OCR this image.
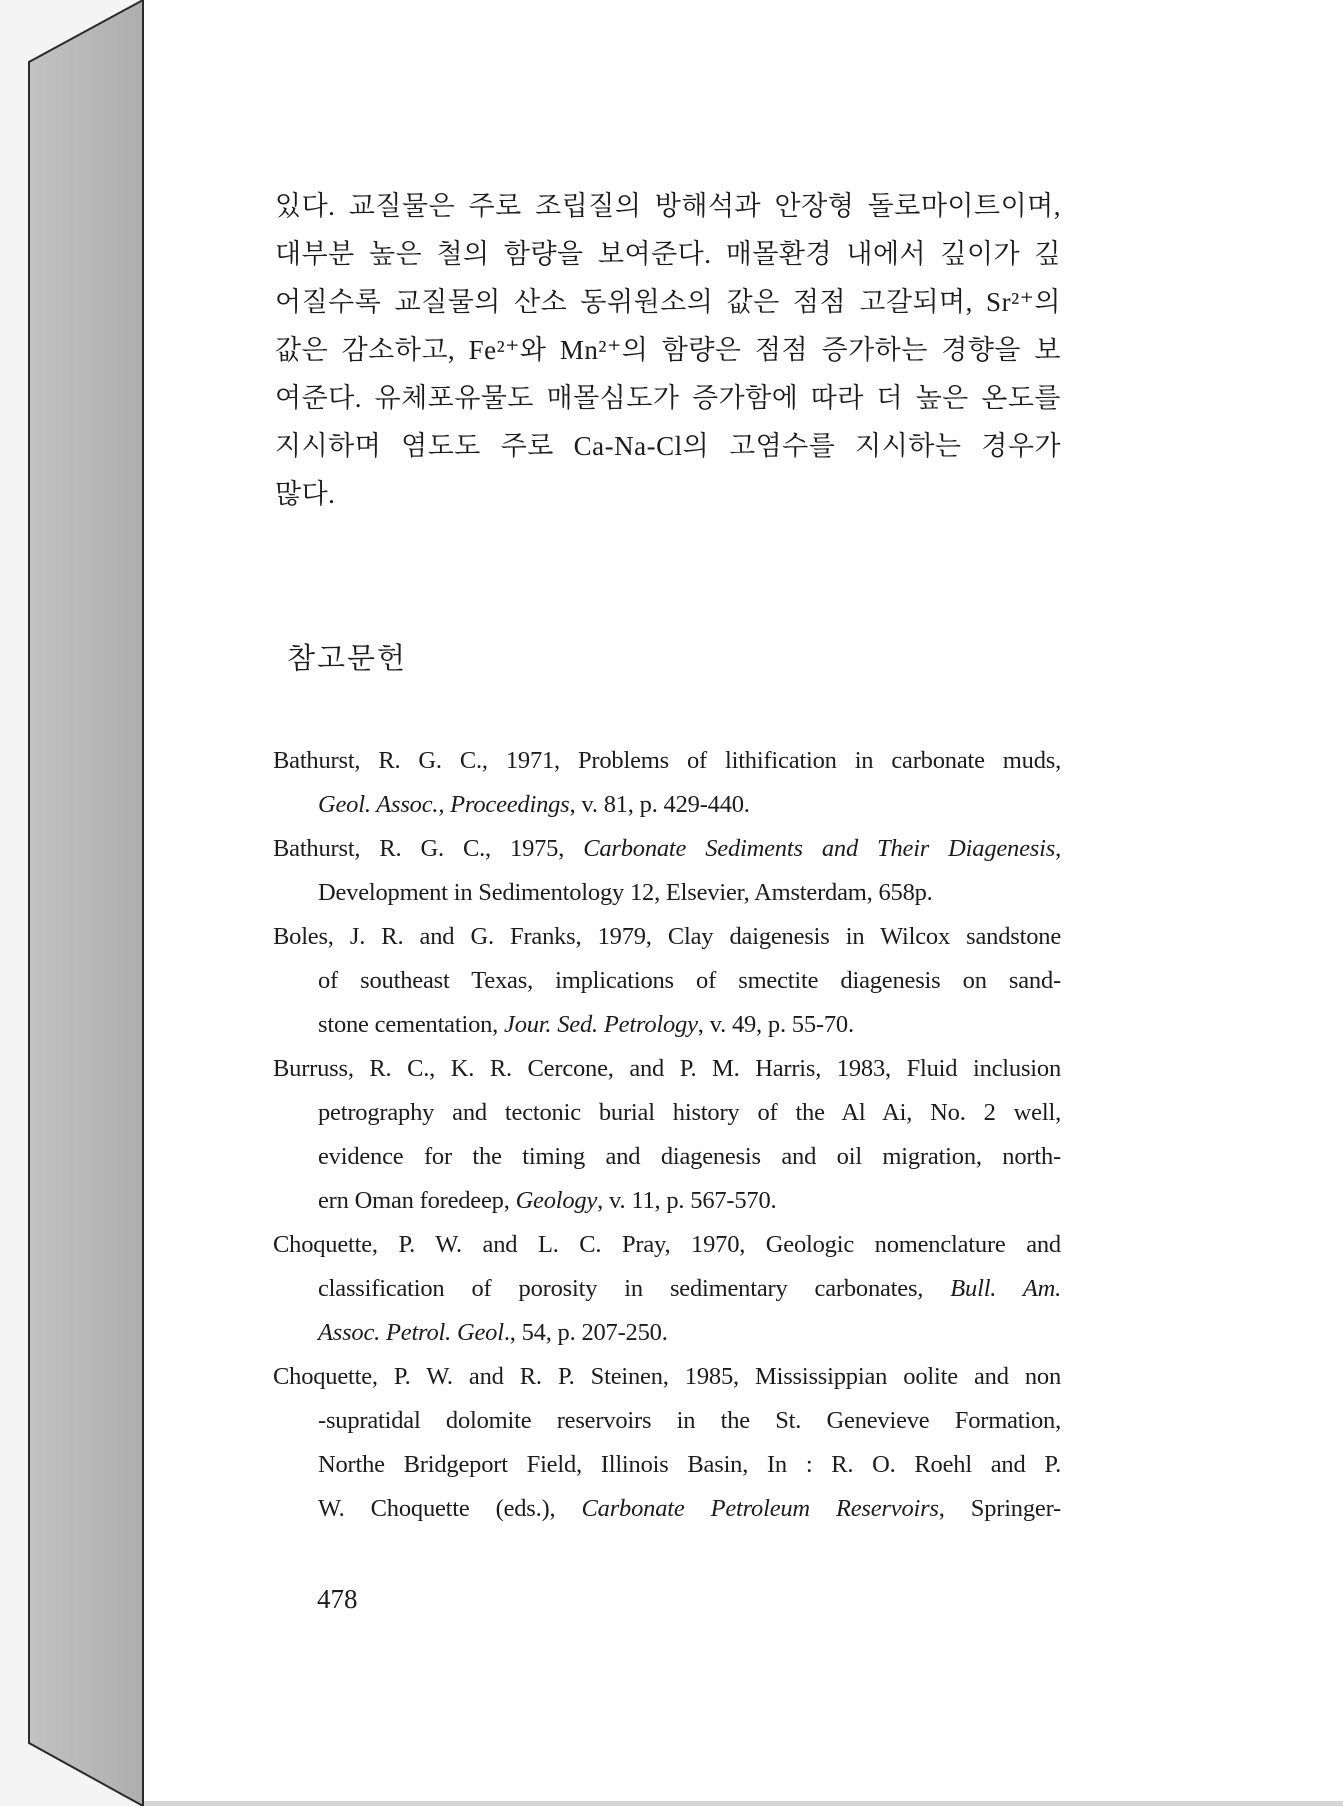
있다. 교질물은 주로 조립질의 방해석과 안장형 돌로마이트이며,
대부분 높은 철의 함량을 보여준다. 매몰환경 내에서 깊이가 깊
어질수록 교질물의 산소 동위원소의 값은 점점 고갈되며, Sr²⁺의
값은 감소하고, Fe²⁺와 Mn²⁺의 함량은 점점 증가하는 경향을 보
여준다. 유체포유물도 매몰심도가 증가함에 따라 더 높은 온도를
지시하며 염도도 주로 Ca-Na-Cl의 고염수를 지시하는 경우가
많다.
참고문헌
Bathurst, R. G. C., 1971, Problems of lithification in carbonate muds,
Geol. Assoc., Proceedings, v. 81, p. 429-440.
Bathurst, R. G. C., 1975, Carbonate Sediments and Their Diagenesis,
Development in Sedimentology 12, Elsevier, Amsterdam, 658p.
Boles, J. R. and G. Franks, 1979, Clay daigenesis in Wilcox sandstone
of southeast Texas, implications of smectite diagenesis on sand-
stone cementation, Jour. Sed. Petrology, v. 49, p. 55-70.
Burruss, R. C., K. R. Cercone, and P. M. Harris, 1983, Fluid inclusion
petrography and tectonic burial history of the Al Ai, No. 2 well,
evidence for the timing and diagenesis and oil migration, north-
ern Oman foredeep, Geology, v. 11, p. 567-570.
Choquette, P. W. and L. C. Pray, 1970, Geologic nomenclature and
classification of porosity in sedimentary carbonates, Bull. Am.
Assoc. Petrol. Geol., 54, p. 207-250.
Choquette, P. W. and R. P. Steinen, 1985, Mississippian oolite and non
-supratidal dolomite reservoirs in the St. Genevieve Formation,
Northe Bridgeport Field, Illinois Basin, In : R. O. Roehl and P.
W. Choquette (eds.), Carbonate Petroleum Reservoirs, Springer-
478
